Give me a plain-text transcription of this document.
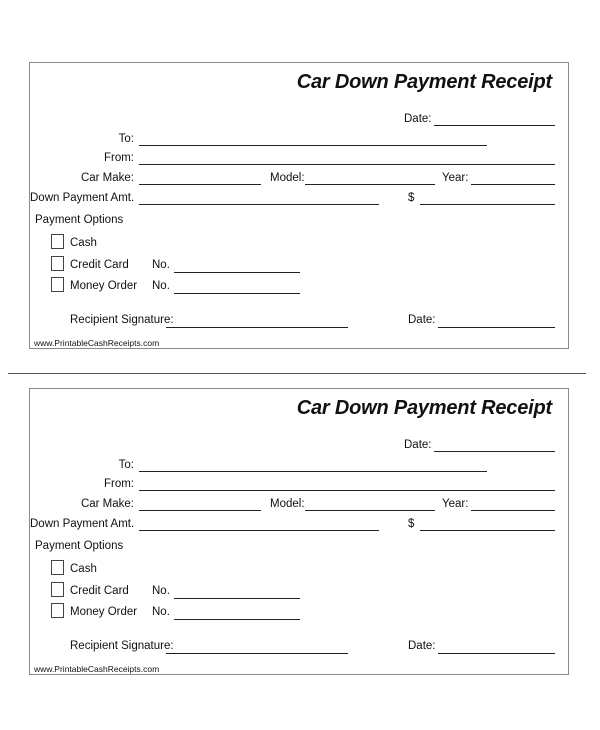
Car Down Payment Receipt
Date:
To:
From:
Car Make:	Model:	Year:
Down Payment Amt.	$
Payment Options
Cash
Credit Card No.
Money Order No.
Recipient Signature:	Date:
www.PrintableCashReceipts.com
Car Down Payment Receipt
Date:
To:
From:
Car Make:	Model:	Year:
Down Payment Amt.	$
Payment Options
Cash
Credit Card No.
Money Order No.
Recipient Signature:	Date:
www.PrintableCashReceipts.com
